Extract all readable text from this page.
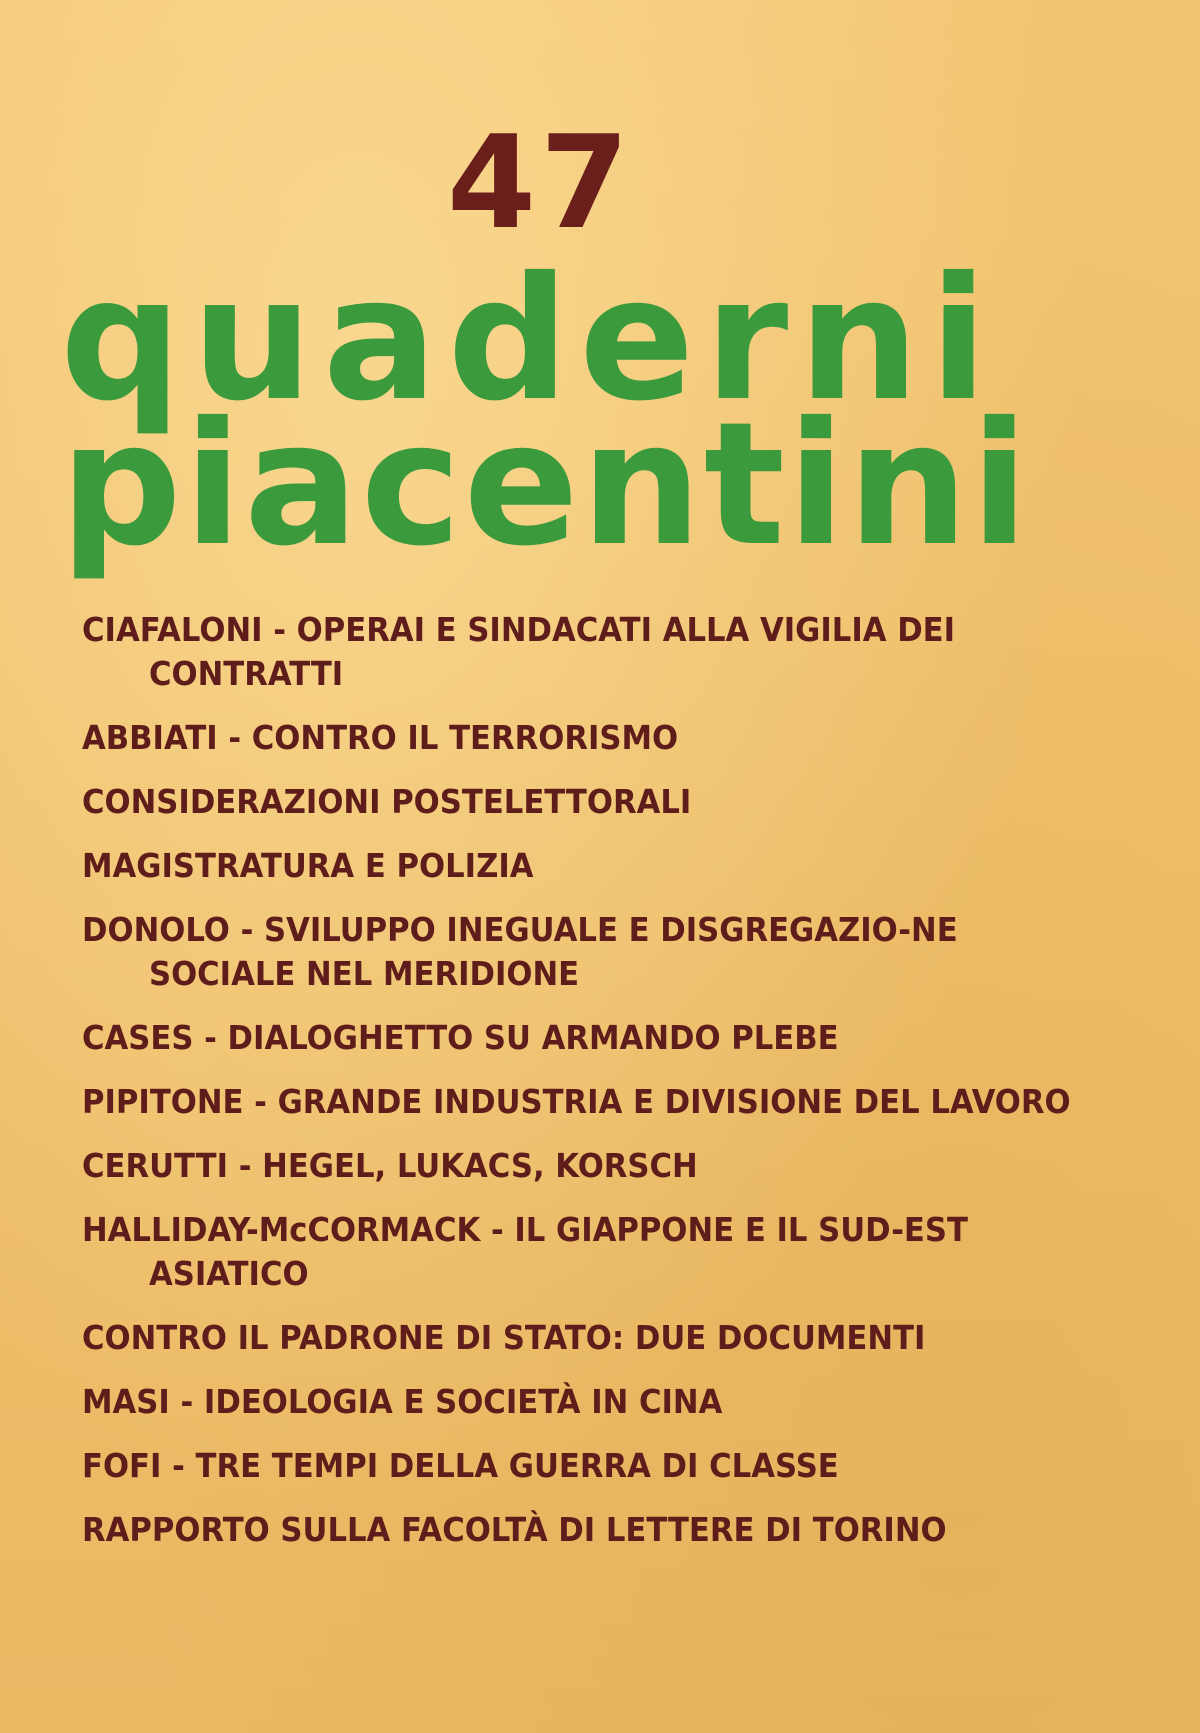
47
quaderni
piacentini
CIAFALONI - OPERAI E SINDACATI ALLA VIGILIA DEI CONTRATTI
ABBIATI - CONTRO IL TERRORISMO
CONSIDERAZIONI POSTELETTORALI
MAGISTRATURA E POLIZIA
DONOLO - SVILUPPO INEGUALE E DISGREGAZIO-NE SOCIALE NEL MERIDIONE
CASES - DIALOGHETTO SU ARMANDO PLEBE
PIPITONE - GRANDE INDUSTRIA E DIVISIONE DEL LAVORO
CERUTTI - HEGEL, LUKACS, KORSCH
HALLIDAY-McCORMACK - IL GIAPPONE E IL SUD-EST ASIATICO
CONTRO IL PADRONE DI STATO: DUE DOCUMENTI
MASI - IDEOLOGIA E SOCIETÀ IN CINA
FOFI - TRE TEMPI DELLA GUERRA DI CLASSE
RAPPORTO SULLA FACOLTÀ DI LETTERE DI TORINO
